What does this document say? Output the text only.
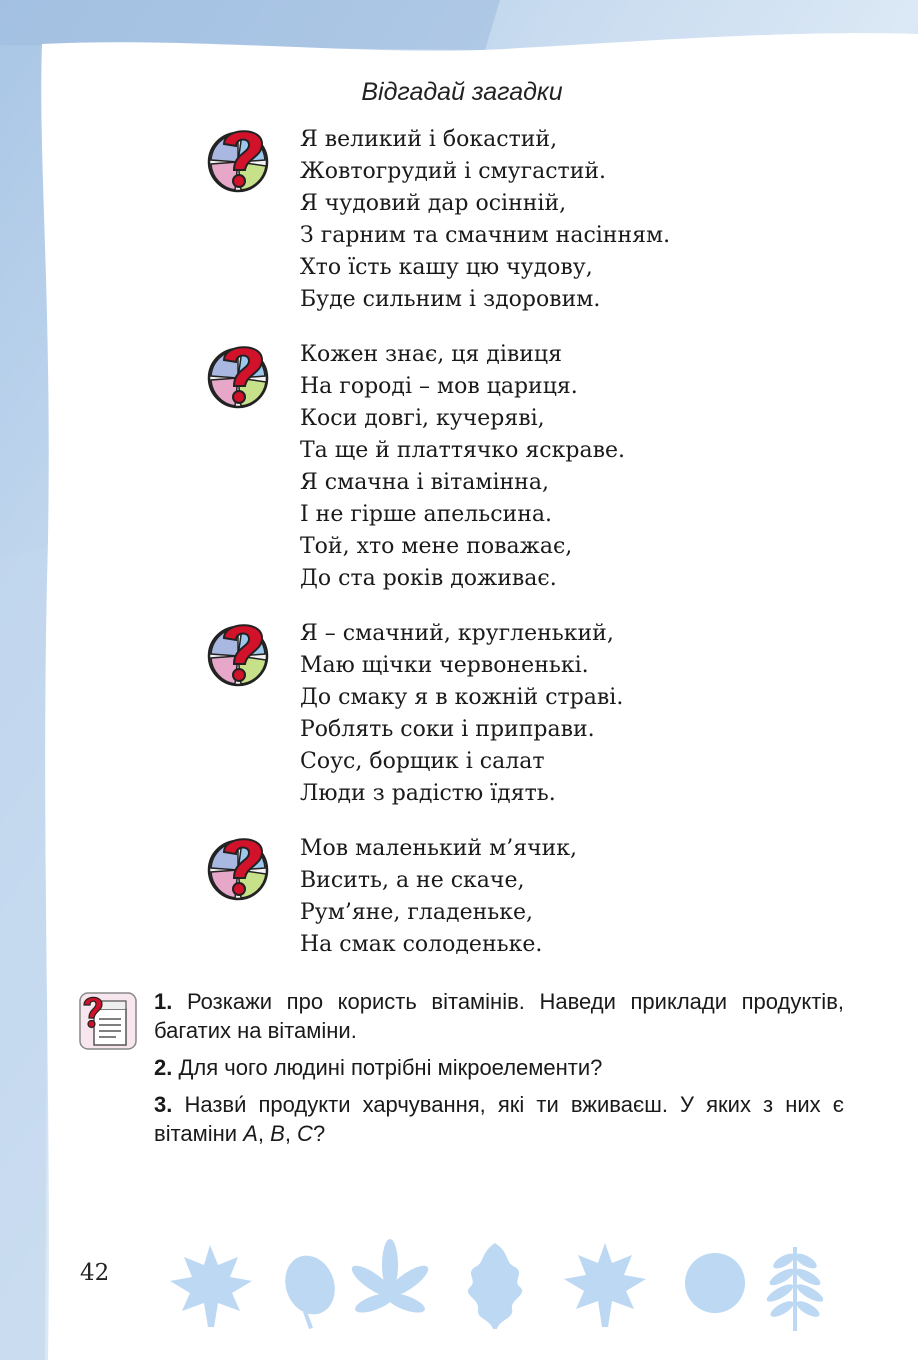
Відгадай загадки
Я великий і бокастий,
Жовтогрудий і смугастий.
Я чудовий дар осінній,
З гарним та смачним насінням.
Хто їсть кашу цю чудову,
Буде сильним і здоровим.
Кожен знає, ця дівиця
На городі – мов цариця.
Коси довгі, кучеряві,
Та ще й платтячко яскраве.
Я смачна і вітамінна,
І не гірше апельсина.
Той, хто мене поважає,
До ста років доживає.
Я – смачний, кругленький,
Маю щічки червоненькі.
До смаку я в кожній страві.
Роблять соки і приправи.
Соус, борщик і салат
Люди з радістю їдять.
Мов маленький м’ячик,
Висить, а не скаче,
Рум’яне, гладеньке,
На смак солоденьке.

1. Розкажи про користь вітамінів. Наведи приклади продуктів, багатих на вітаміни.

2. Для чого людині потрібні мікроелементи?

3. Назви́ продукти харчування, які ти вживаєш. У яких з них є вітаміни А, В, С?

42
